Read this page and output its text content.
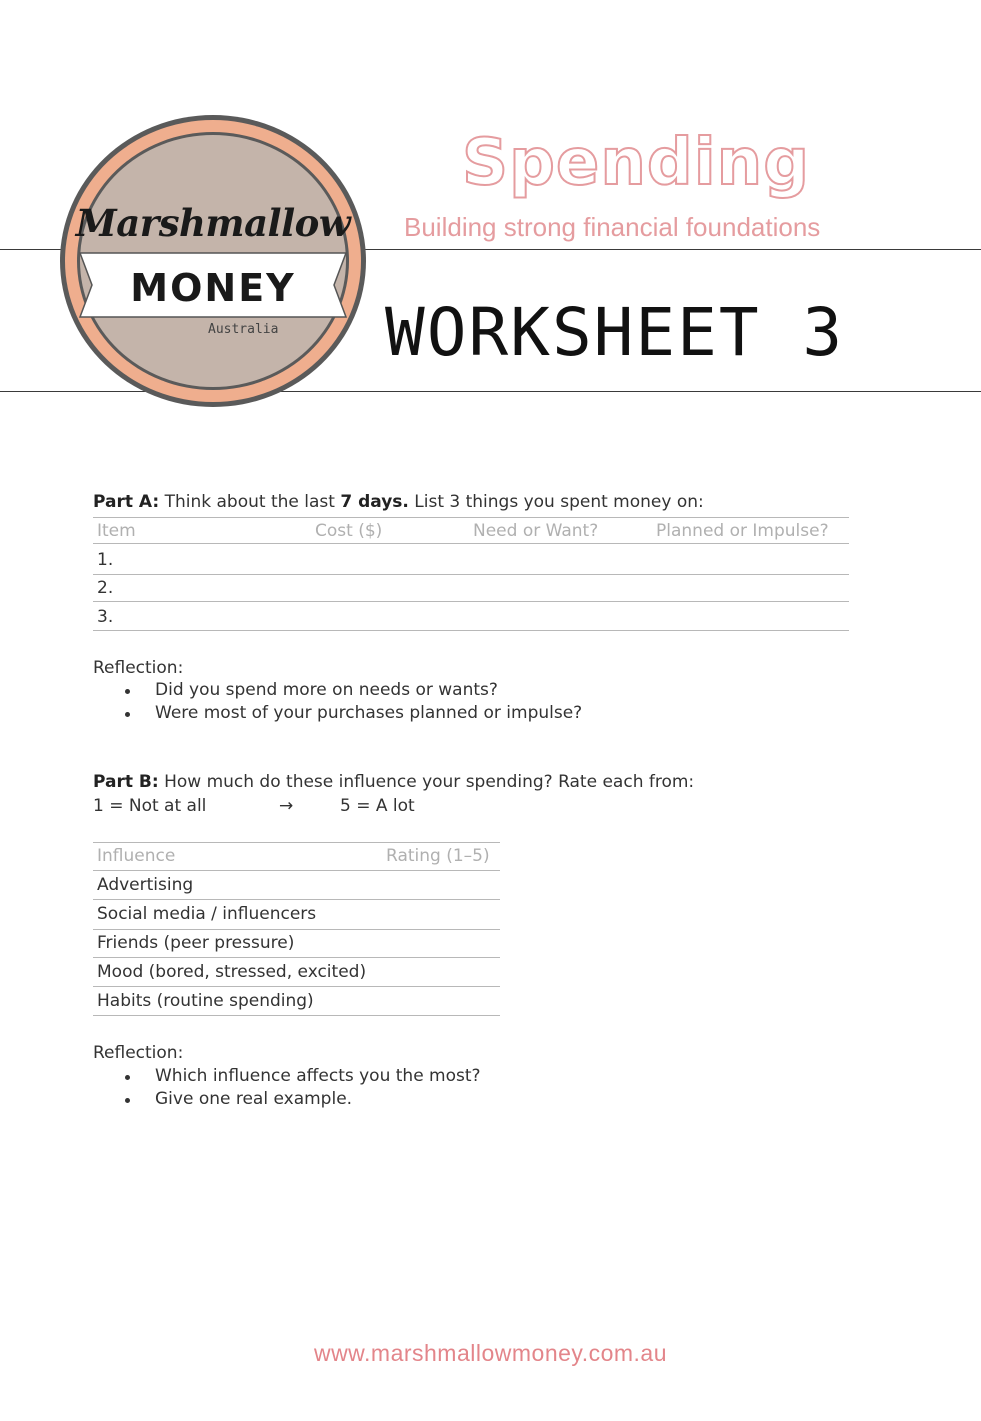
Marshmallow
MONEY
Australia
Spending
Building strong financial foundations
WORKSHEET 3
Part A: Think about the last 7 days. List 3 things you spent money on:
Item	Cost ($)	Need or Want?	Planned or Impulse?
1.
2.
3.
Reflection:
Did you spend more on needs or wants?
Were most of your purchases planned or impulse?
Part B: How much do these influence your spending? Rate each from:
1 = Not at all	→	5 = A lot
Influence	Rating (1–5)
Advertising
Social media / influencers
Friends (peer pressure)
Mood (bored, stressed, excited)
Habits (routine spending)
Reflection:
Which influence affects you the most?
Give one real example.
www.marshmallowmoney.com.au
